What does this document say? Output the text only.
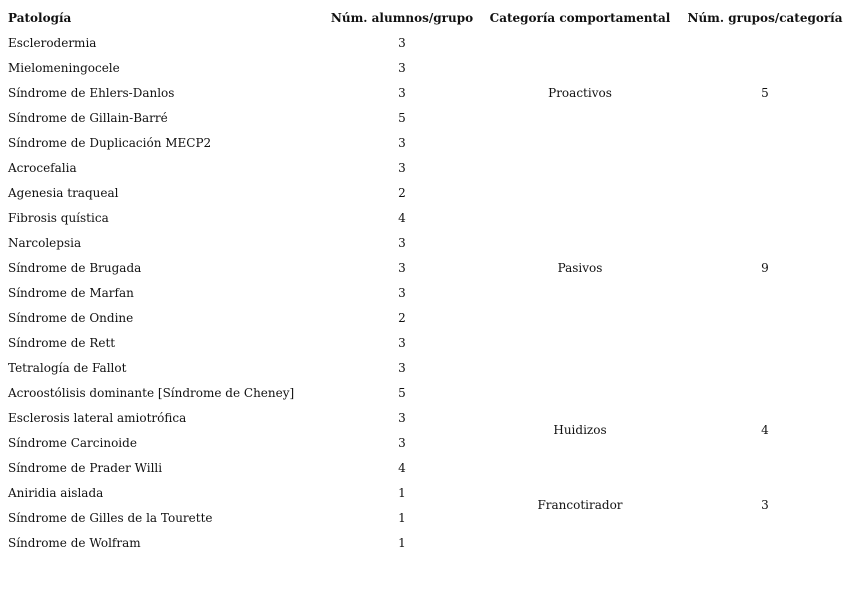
Patología	Núm. alumnos/grupo	Categoría comportamental	Núm. grupos/categoría
Esclerodermia	3	Proactivos	5
Mielomeningocele	3		
Síndrome de Ehlers-Danlos	3		
Síndrome de Gillain-Barré	5		
Síndrome de Duplicación MECP2	3		
Acrocefalia	3	Pasivos	9
Agenesia traqueal	2		
Fibrosis quística	4		
Narcolepsia	3		
Síndrome de Brugada	3		
Síndrome de Marfan	3		
Síndrome de Ondine	2		
Síndrome de Rett	3		
Tetralogía de Fallot	3		
Acroostólisis dominante [Síndrome de Cheney]	5	Huidizos	4
Esclerosis lateral amiotrófica	3		
Síndrome Carcinoide	3		
Síndrome de Prader Willi	4		
Aniridia aislada	1	Francotirador	3
Síndrome de Gilles de la Tourette	1		
Síndrome de Wolfram	1		
